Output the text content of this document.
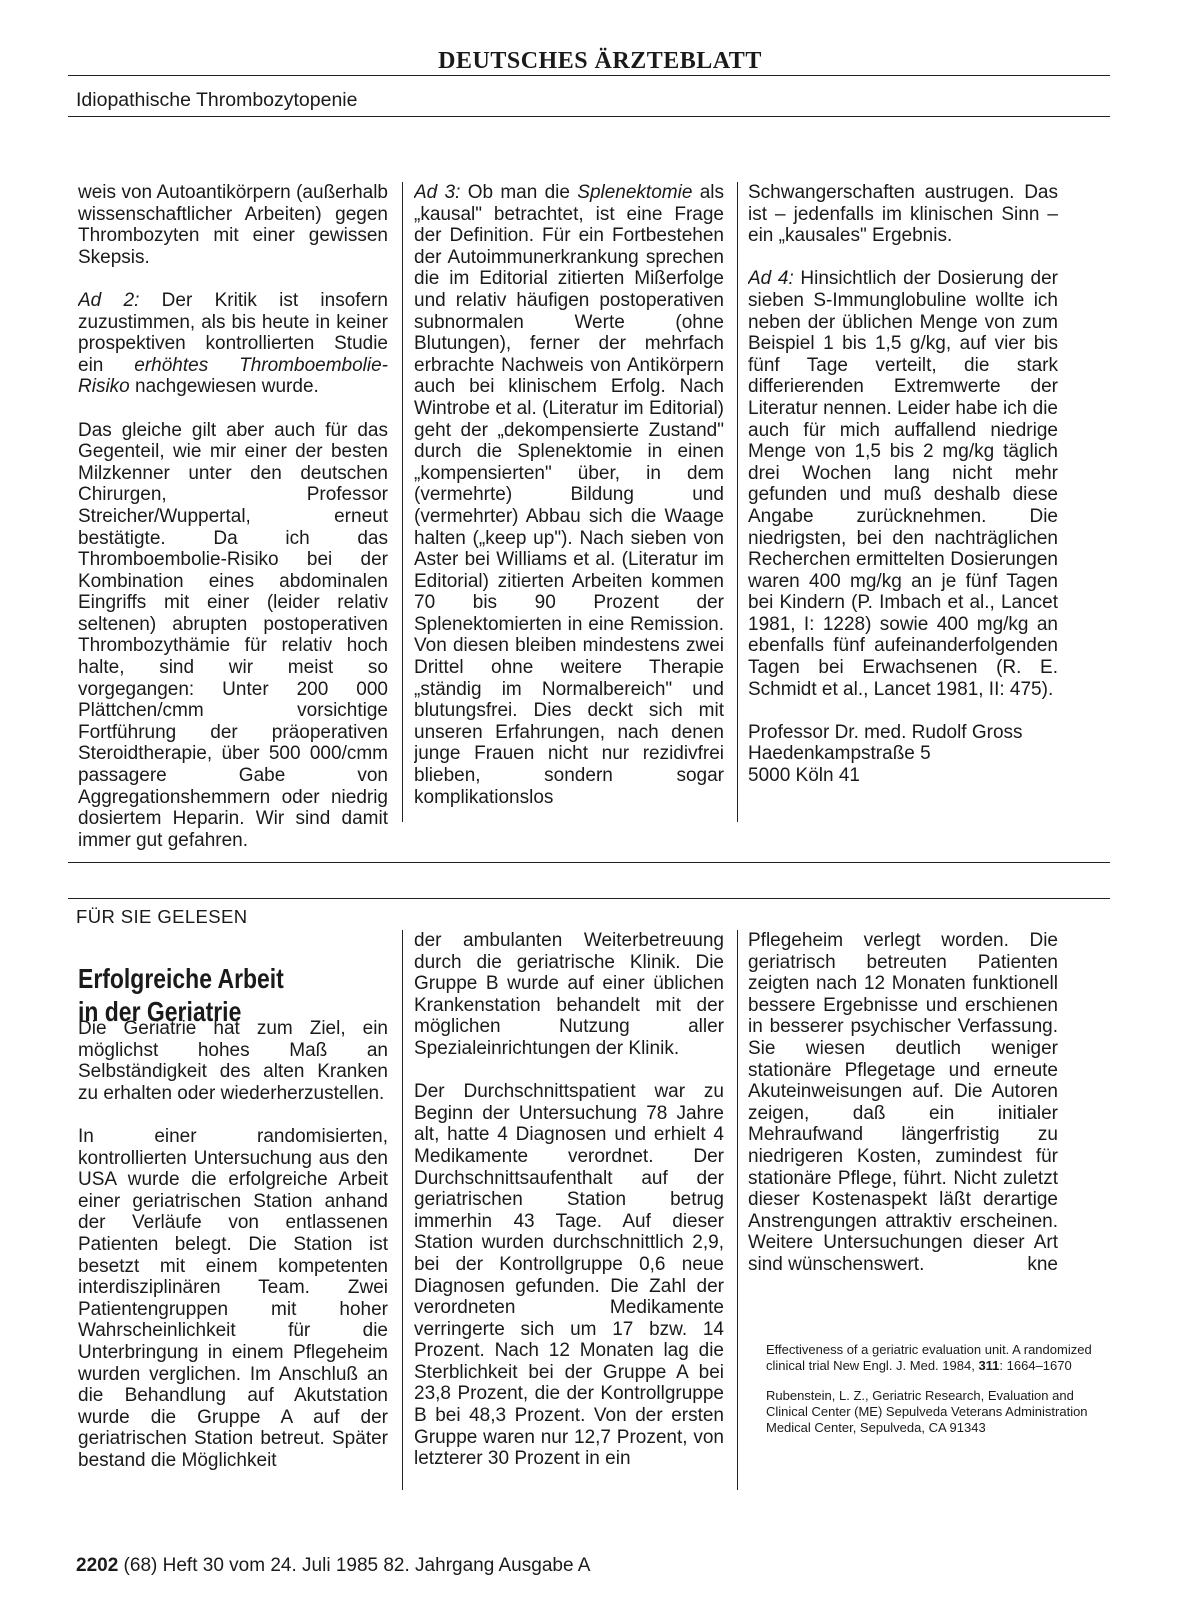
DEUTSCHES ÄRZTEBLATT
Idiopathische Thrombozytopenie

weis von Autoantikörpern (außerhalb wissenschaftlicher Arbeiten) gegen Thrombozyten mit einer gewissen Skepsis.

Ad 2: Der Kritik ist insofern zuzustimmen, als bis heute in keiner prospektiven kontrollierten Studie ein erhöhtes Thromboembolie-Risiko nachgewiesen wurde.

Das gleiche gilt aber auch für das Gegenteil, wie mir einer der besten Milzkenner unter den deutschen Chirurgen, Professor Streicher/Wuppertal, erneut bestätigte. Da ich das Thromboembolie-Risiko bei der Kombination eines abdominalen Eingriffs mit einer (leider relativ seltenen) abrupten postoperativen Thrombozythämie für relativ hoch halte, sind wir meist so vorgegangen: Unter 200 000 Plättchen/cmm vorsichtige Fortführung der präoperativen Steroidtherapie, über 500 000/cmm passagere Gabe von Aggregationshemmern oder niedrig dosiertem Heparin. Wir sind damit immer gut gefahren.

Ad 3: Ob man die Splenektomie als „kausal" betrachtet, ist eine Frage der Definition. Für ein Fortbestehen der Autoimmunerkrankung sprechen die im Editorial zitierten Mißerfolge und relativ häufigen postoperativen subnormalen Werte (ohne Blutungen), ferner der mehrfach erbrachte Nachweis von Antikörpern auch bei klinischem Erfolg. Nach Wintrobe et al. (Literatur im Editorial) geht der „dekompensierte Zustand" durch die Splenektomie in einen „kompensierten" über, in dem (vermehrte) Bildung und (vermehrter) Abbau sich die Waage halten („keep up"). Nach sieben von Aster bei Williams et al. (Literatur im Editorial) zitierten Arbeiten kommen 70 bis 90 Prozent der Splenektomierten in eine Remission. Von diesen bleiben mindestens zwei Drittel ohne weitere Therapie „ständig im Normalbereich" und blutungsfrei. Dies deckt sich mit unseren Erfahrungen, nach denen junge Frauen nicht nur rezidivfrei blieben, sondern sogar komplikationslos

Schwangerschaften austrugen. Das ist – jedenfalls im klinischen Sinn – ein „kausales" Ergebnis.

Ad 4: Hinsichtlich der Dosierung der sieben S-Immunglobuline wollte ich neben der üblichen Menge von zum Beispiel 1 bis 1,5 g/kg, auf vier bis fünf Tage verteilt, die stark differierenden Extremwerte der Literatur nennen. Leider habe ich die auch für mich auffallend niedrige Menge von 1,5 bis 2 mg/kg täglich drei Wochen lang nicht mehr gefunden und muß deshalb diese Angabe zurücknehmen. Die niedrigsten, bei den nachträglichen Recherchen ermittelten Dosierungen waren 400 mg/kg an je fünf Tagen bei Kindern (P. Imbach et al., Lancet 1981, I: 1228) sowie 400 mg/kg an ebenfalls fünf aufeinanderfolgenden Tagen bei Erwachsenen (R. E. Schmidt et al., Lancet 1981, II: 475).

Professor Dr. med. Rudolf Gross
Haedenkampstraße 5
5000 Köln 41
FÜR SIE GELESEN
Erfolgreiche Arbeit
in der Geriatrie

Die Geriatrie hat zum Ziel, ein möglichst hohes Maß an Selbständigkeit des alten Kranken zu erhalten oder wiederherzustellen.

In einer randomisierten, kontrollierten Untersuchung aus den USA wurde die erfolgreiche Arbeit einer geriatrischen Station anhand der Verläufe von entlassenen Patienten belegt. Die Station ist besetzt mit einem kompetenten interdisziplinären Team. Zwei Patientengruppen mit hoher Wahrscheinlichkeit für die Unterbringung in einem Pflegeheim wurden verglichen. Im Anschluß an die Behandlung auf Akutstation wurde die Gruppe A auf der geriatrischen Station betreut. Später bestand die Möglichkeit

der ambulanten Weiterbetreuung durch die geriatrische Klinik. Die Gruppe B wurde auf einer üblichen Krankenstation behandelt mit der möglichen Nutzung aller Spezialeinrichtungen der Klinik.

Der Durchschnittspatient war zu Beginn der Untersuchung 78 Jahre alt, hatte 4 Diagnosen und erhielt 4 Medikamente verordnet. Der Durchschnittsaufenthalt auf der geriatrischen Station betrug immerhin 43 Tage. Auf dieser Station wurden durchschnittlich 2,9, bei der Kontrollgruppe 0,6 neue Diagnosen gefunden. Die Zahl der verordneten Medikamente verringerte sich um 17 bzw. 14 Prozent. Nach 12 Monaten lag die Sterblichkeit bei der Gruppe A bei 23,8 Prozent, die der Kontrollgruppe B bei 48,3 Prozent. Von der ersten Gruppe waren nur 12,7 Prozent, von letzterer 30 Prozent in ein

Pflegeheim verlegt worden. Die geriatrisch betreuten Patienten zeigten nach 12 Monaten funktionell bessere Ergebnisse und erschienen in besserer psychischer Verfassung. Sie wiesen deutlich weniger stationäre Pflegetage und erneute Akuteinweisungen auf. Die Autoren zeigen, daß ein initialer Mehraufwand längerfristig zu niedrigeren Kosten, zumindest für stationäre Pflege, führt. Nicht zuletzt dieser Kostenaspekt läßt derartige Anstrengungen attraktiv erscheinen. Weitere Untersuchungen dieser Art sind wünschenswert.	kne

Effectiveness of a geriatric evaluation unit. A randomized clinical trial New Engl. J. Med. 1984, 311: 1664–1670

Rubenstein, L. Z., Geriatric Research, Evaluation and Clinical Center (ME) Sepulveda Veterans Administration Medical Center, Sepulveda, CA 91343

2202 (68) Heft 30 vom 24. Juli 1985 82. Jahrgang Ausgabe A
